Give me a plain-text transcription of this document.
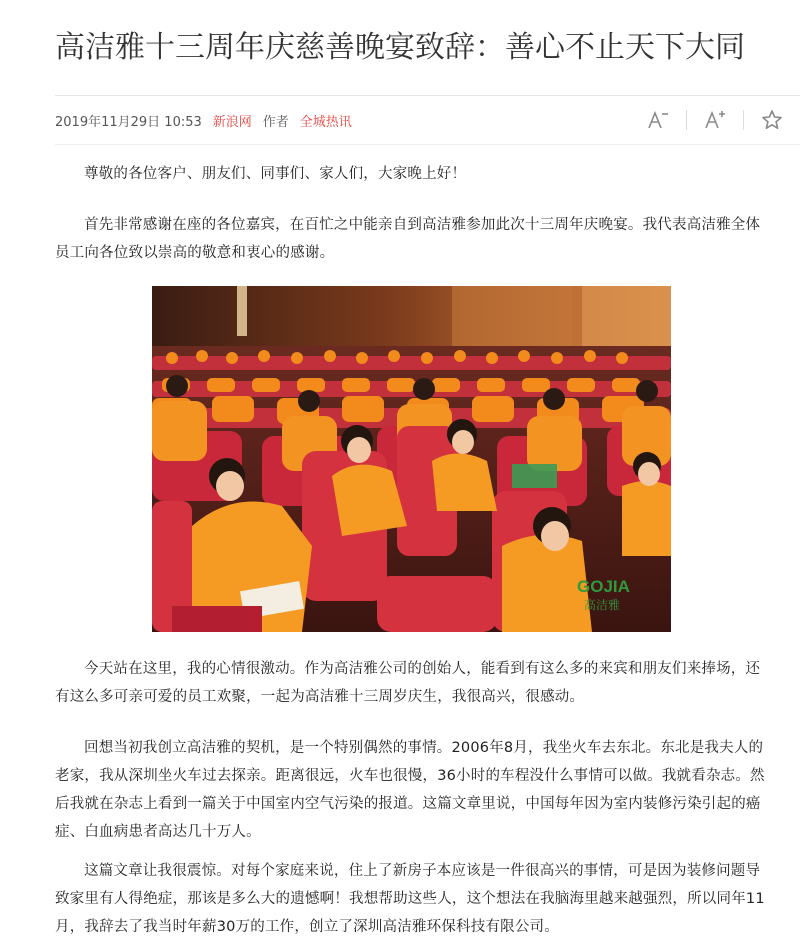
高洁雅十三周年庆慈善晚宴致辞：善心不止天下大同
2019年11月29日 10:53 新浪网 作者 全城热讯

尊敬的各位客户、朋友们、同事们、家人们，大家晚上好！

首先非常感谢在座的各位嘉宾，在百忙之中能亲自到高洁雅参加此次十三周年庆晚宴。我代表高洁雅全体员工向各位致以崇高的敬意和衷心的感谢。

GOJIA
高洁雅

今天站在这里，我的心情很激动。作为高洁雅公司的创始人，能看到有这么多的来宾和朋友们来捧场，还有这么多可亲可爱的员工欢聚，一起为高洁雅十三周岁庆生，我很高兴，很感动。

回想当初我创立高洁雅的契机，是一个特别偶然的事情。2006年8月，我坐火车去东北。东北是我夫人的老家，我从深圳坐火车过去探亲。距离很远，火车也很慢，36小时的车程没什么事情可以做。我就看杂志。然后我就在杂志上看到一篇关于中国室内空气污染的报道。这篇文章里说，中国每年因为室内装修污染引起的癌症、白血病患者高达几十万人。

这篇文章让我很震惊。对每个家庭来说，住上了新房子本应该是一件很高兴的事情，可是因为装修问题导致家里有人得绝症，那该是多么大的遗憾啊！我想帮助这些人，这个想法在我脑海里越来越强烈，所以同年11月，我辞去了我当时年薪30万的工作，创立了深圳高洁雅环保科技有限公司。
